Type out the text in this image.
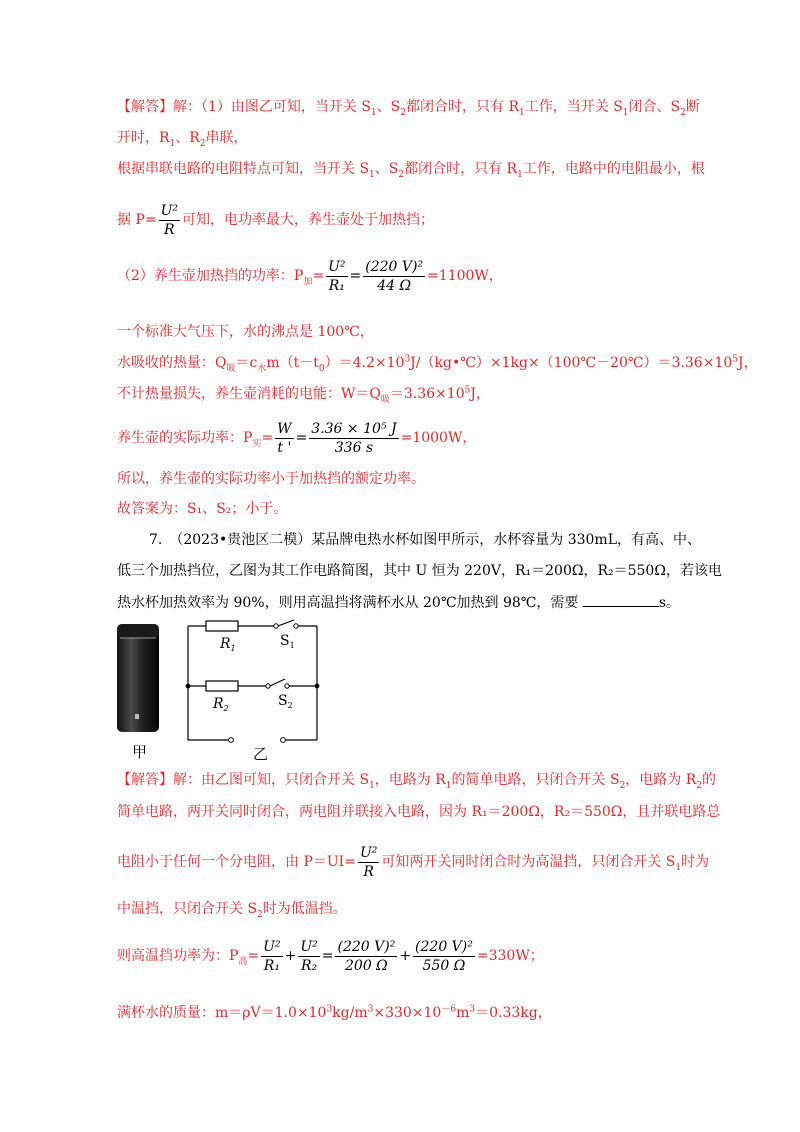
【解答】解：（1）由图乙可知，当开关 $S_1$、$S_2$都闭合时，只有 $R_1$工作，当开关 $S_1$闭合、$S_2$断
开时，$R_1$、$R_2$串联，
根据串联电路的电阻特点可知，当开关 $S_1$、$S_2$都闭合时，只有 $R_1$工作，电路中的电阻最小，根
据 $P= \frac{\text{U²}}{R}$ 可知，电功率最大，养生壶处于加热挡；
（2）养生壶加热挡的功率：$P_加= \frac{\text{U²}}{\text{R₁}} = \frac{\text{(220 V)²}}{44 \Omega} =1100W$，
一个标准大气压下，水的沸点是 100℃，
水吸收的热量：$Q_吸=c_水m(t-t_0)=4.2\times 10^3J/(kg•℃)\times 1kg\times(100℃-20℃)=3.36\times 10^5J$，
不计热量损失，养生壶消耗的电能：$W=Q_吸=3.36\times 10^5J$，
养生壶的实际功率：$P_实= \frac{W}{t '} = \frac{\text{3.36 × 10⁵ J}}{336 s} =1000W$，
所以，养生壶的实际功率小于加热挡的额定功率。
故答案为：S₁、S₂；小于。
7.　（2023•贵池区二模）某品牌电热水杯如图甲所示，水杯容量为 330mL，有高、中、
低三个加热挡位，乙图为其工作电路简图，其中 U 恒为 220V，R₁＝200Ω，R₂＝550Ω，若该电
热水杯加热效率为 90%，则用高温挡将满杯水从 20℃加热到 98℃，需要	s。
甲
$R_1$	$S_1$
$R_2$	$S_2$
乙
【解答】解：由乙图可知，只闭合开关 $S_1$，电路为 $R_1$的简单电路，只闭合开关 $S_2$，电路为 $R_2$的
简单电路，两开关同时闭合，两电阻并联接入电路，因为 R₁＝200Ω，R₂＝550Ω，且并联电路总
电阻小于任何一个分电阻，由 $P=UI= \frac{\text{U²}}{R}$ 可知两开关同时闭合时为高温挡，只闭合开关 $S_1$时为
中温挡，只闭合开关 $S_2$时为低温挡。
则高温挡功率为：$P_高= \frac{\text{U²}}{\text{R₁}} + \frac{\text{U²}}{\text{R₂}} = \frac{\text{(220 V)²}}{200 \Omega} + \frac{\text{(220 V)²}}{550 \Omega} =330W$；
满杯水的质量：$m=\rho V=1.0\times 10^3kg/m^3\times 330\times 10^{-6}m^3=0.33kg$，
